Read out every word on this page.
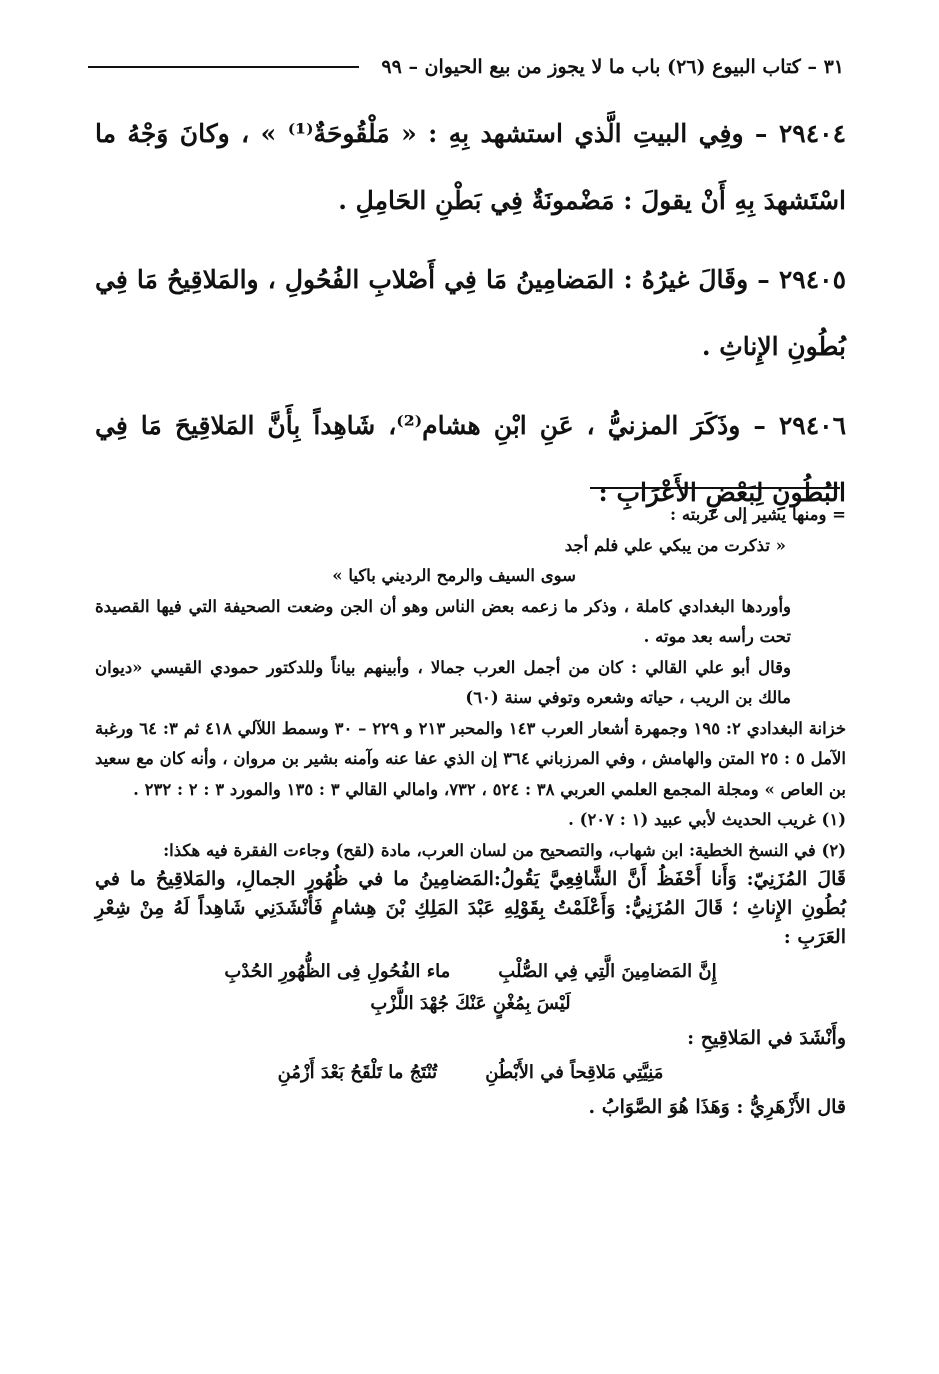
٣١ – كتاب البيوع (٢٦) باب ما لا يجوز من بيع الحيوان – ٩٩

٢٩٤٠٤ – وفِي البيتِ الَّذي استشهد بِهِ : « مَلْقُوحَةٌ⁽¹⁾ » ، وكانَ وَجْهُ ما اسْتَشهدَ بِهِ أَنْ يقولَ : مَضْمونَةٌ فِي بَطْنِ الحَامِلِ .

٢٩٤٠٥ – وقَالَ غيرُهُ : المَضامِينُ مَا فِي أَصْلابِ الفُحُولِ ، والمَلاقِيحُ مَا فِي بُطُونِ الإِناثِ .

٢٩٤٠٦ – وذَكَرَ المزنيُّ ، عَنِ ابْنِ هشام⁽²⁾، شَاهِداً بِأَنَّ المَلاقِيحَ مَا فِي البُطُونِ لِبَعْضِ الأَعْرَابِ :

= ومنها يشير إلى غربته :

« تذكرت من يبكي علي فلم أجد

سوى السيف والرمح الرديني باكيا »

وأوردها البغدادي كاملة ، وذكر ما زعمه بعض الناس وهو أن الجن وضعت الصحيفة التي فيها القصيدة تحت رأسه بعد موته .

وقال أبو علي القالي : كان من أجمل العرب جمالا ، وأبينهم بياناً وللدكتور حمودي القيسي «ديوان مالك بن الريب ، حياته وشعره وتوفي سنة (٦٠)

خزانة البغدادي ٢: ١٩٥ وجمهرة أشعار العرب ١٤٣ والمحبر ٢١٣ و ٢٢٩ – ٣٠ وسمط اللآلي ٤١٨ ثم ٣: ٦٤ ورغبة الآمل ٥ : ٢٥ المتن والهامش ، وفي المرزباني ٣٦٤ إن الذي عفا عنه وآمنه بشير بن مروان ، وأنه كان مع سعيد بن العاص » ومجلة المجمع العلمي العربي ٣٨ : ٥٢٤ ، ٧٣٢، وامالي القالي ٣ : ١٣٥ والمورد ٣ : ٢ : ٢٣٢ .

(١) غريب الحديث لأبي عبيد (١ : ٢٠٧) .

(٢) في النسخ الخطية: ابن شهاب، والتصحيح من لسان العرب، مادة (لقح) وجاءت الفقرة فيه هكذا:

قَالَ المُزَنِيّ: وَأَنا أَحْفَظُ أَنَّ الشَّافِعِيَّ يَقُولُ:المَضامِينُ ما في ظُهُورِ الجمالِ، والمَلاقِيحُ ما في بُطُونِ الإِناثِ ؛ قَالَ المُزَنِيُّ: وَأَعْلَمْتُ بِقَوْلِهِ عَبْدَ المَلِكِ بْنَ هِشامٍ فَأَنْشَدَنِي شَاهِداً لَهُ مِنْ شِعْرِ العَرَبِ :

إِنَّ المَضامِينَ الَّتِي فِي الصُّلْبِ
ماء الفُحُولِ فِى الظُّهُورِ الحُدْبِ
لَيْسَ بِمُغْنٍ عَنْكَ جُهْدَ اللَّزْبِ

وأَنْشَدَ في المَلاقِيحِ :

مَنِيَّتِي مَلاقِحاً في الأَبْطُنِ
تُنْتَجُ ما تَلْقَحُ بَعْدَ أَزْمُنِ

قال الأَزْهَرِيُّ : وَهَذَا هُوَ الصَّوَابُ .
